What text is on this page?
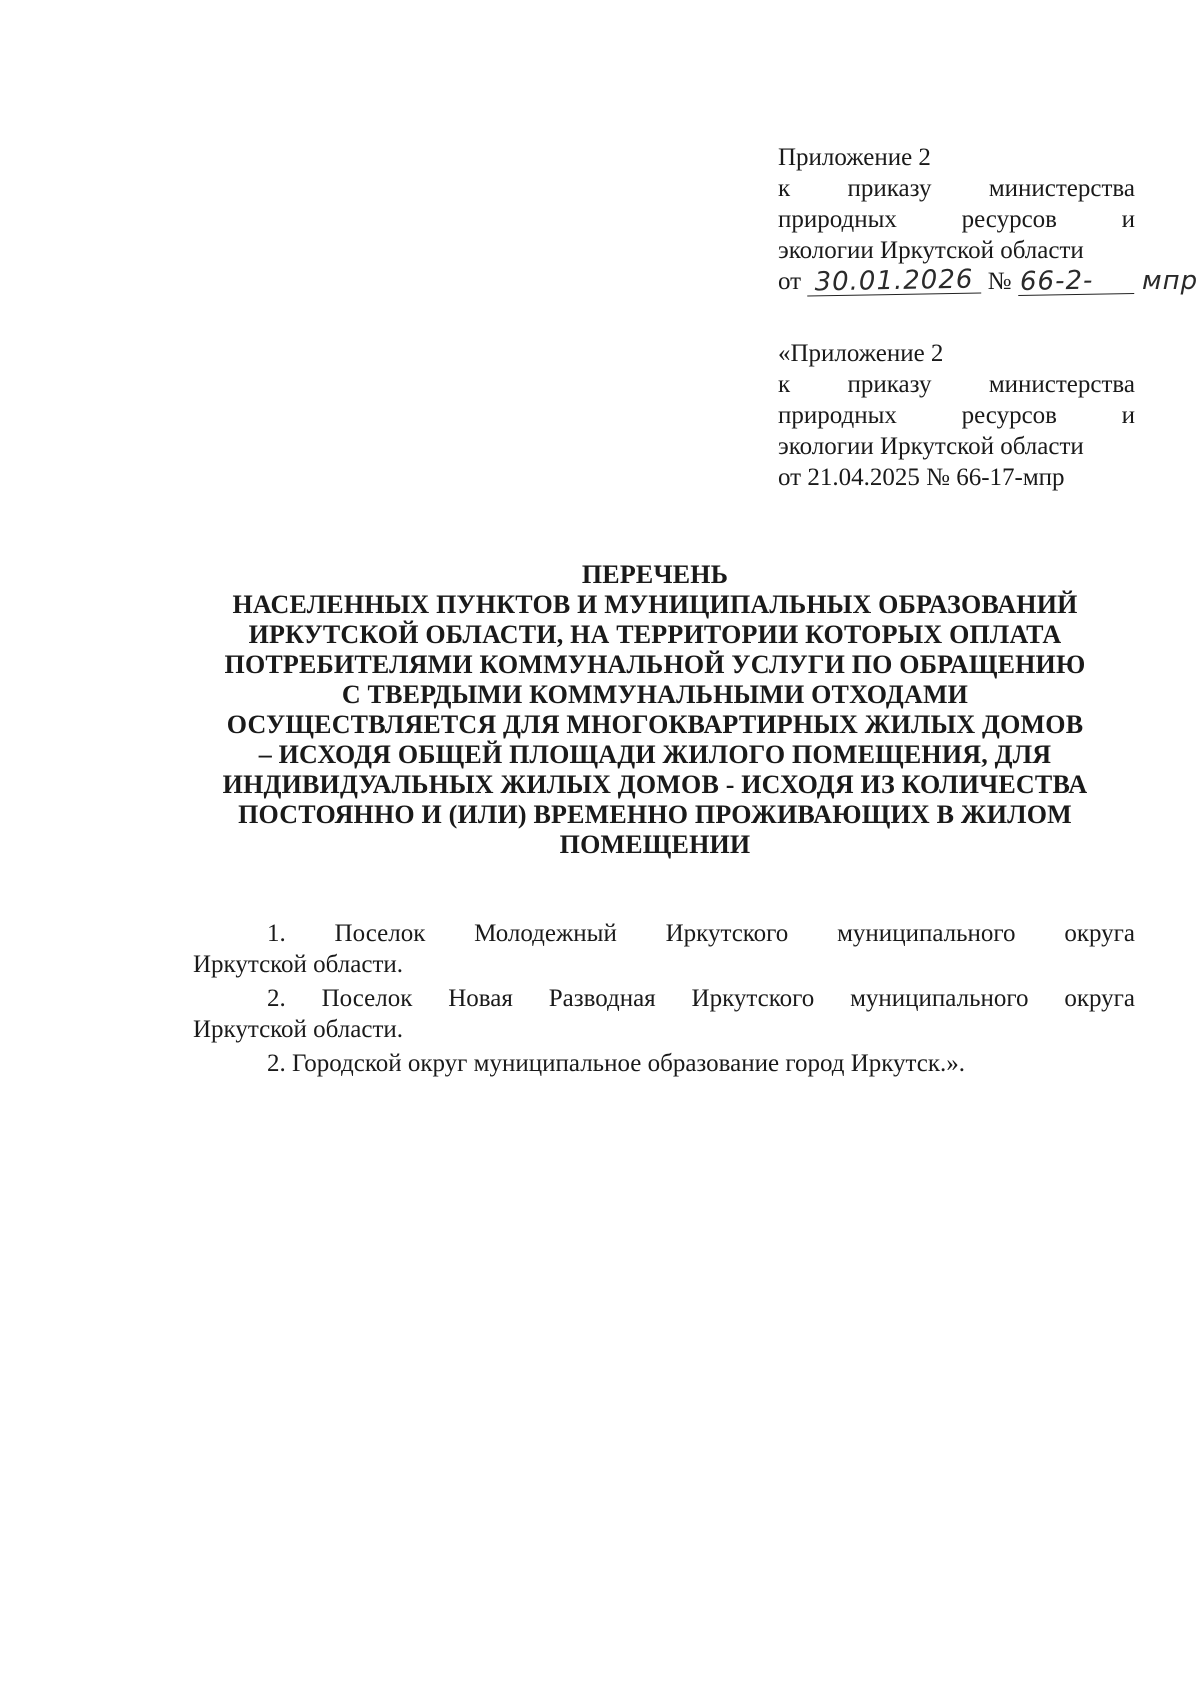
Приложение 2
к приказу министерства
природных	ресурсов	и
экологии Иркутской области
от 30.01.2026 № 66-2- мпр
«Приложение 2
к приказу министерства
природных	ресурсов	и
экологии Иркутской области
от 21.04.2025 № 66-17-мпр
ПЕРЕЧЕНЬ
НАСЕЛЕННЫХ ПУНКТОВ И МУНИЦИПАЛЬНЫХ ОБРАЗОВАНИЙ
ИРКУТСКОЙ ОБЛАСТИ, НА ТЕРРИТОРИИ КОТОРЫХ ОПЛАТА
ПОТРЕБИТЕЛЯМИ КОММУНАЛЬНОЙ УСЛУГИ ПО ОБРАЩЕНИЮ
С ТВЕРДЫМИ КОММУНАЛЬНЫМИ ОТХОДАМИ
ОСУЩЕСТВЛЯЕТСЯ ДЛЯ МНОГОКВАРТИРНЫХ ЖИЛЫХ ДОМОВ
– ИСХОДЯ ОБЩЕЙ ПЛОЩАДИ ЖИЛОГО ПОМЕЩЕНИЯ, ДЛЯ
ИНДИВИДУАЛЬНЫХ ЖИЛЫХ ДОМОВ - ИСХОДЯ ИЗ КОЛИЧЕСТВА
ПОСТОЯННО И (ИЛИ) ВРЕМЕННО ПРОЖИВАЮЩИХ В ЖИЛОМ
ПОМЕЩЕНИИ
1. Поселок Молодежный Иркутского муниципального округа
Иркутской области.
2. Поселок Новая Разводная Иркутского муниципального округа
Иркутской области.
2. Городской округ муниципальное образование город Иркутск.».
